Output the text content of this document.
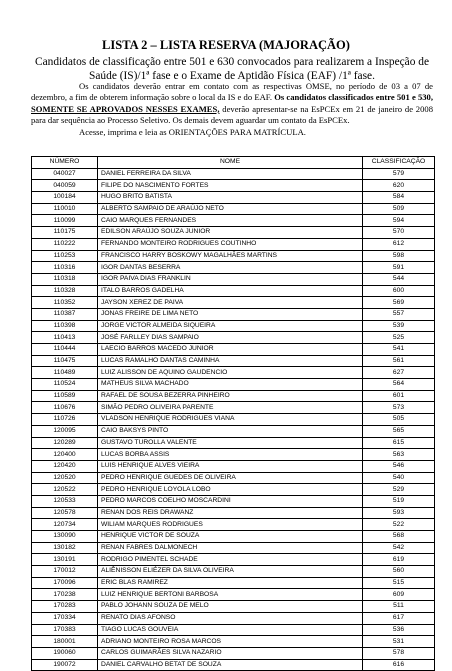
LISTA 2 – LISTA RESERVA (MAJORAÇÃO)
Candidatos de classificação entre 501 e 630 convocados para realizarem a Inspeção de Saúde (IS)/1ª fase e o Exame de Aptidão Física (EAF) /1ª fase.

Os candidatos deverão entrar em contato com as respectivas OMSE, no período de 03 a 07 de dezembro, a fim de obterem informação sobre o local da IS e do EAF. Os candidatos classificados entre 501 e 530, SOMENTE SE APROVADOS NESSES EXAMES, deverão apresentar-se na EsPCEx em 21 de janeiro de 2008 para dar sequência ao Processo Seletivo. Os demais devem aguardar um contato da EsPCEx.

Acesse, imprima e leia as ORIENTAÇÕES PARA MATRÍCULA.

NÚMERO	NOME	CLASSIFICAÇÃO
040027	DANIEL FERREIRA DA SILVA	579
040059	FILIPE DO NASCIMENTO FORTES	620
100184	HUGO BRITO BATISTA	584
110010	ALBERTO SAMPAIO DE ARAÚJO NETO	509
110099	CAIO MARQUES FERNANDES	594
110175	EDILSON ARAÚJO SOUZA JUNIOR	570
110222	FERNANDO MONTEIRO RODRIGUES COUTINHO	612
110253	FRANCISCO HARRY BOSKOWY MAGALHÃES MARTINS	598
110316	IGOR DANTAS BESERRA	591
110318	IGOR PAIVA DIAS FRANKLIN	544
110328	ITALO BARROS GADELHA	600
110352	JAYSON XEREZ DE PAIVA	569
110387	JONAS FREIRE DE LIMA NETO	557
110398	JORGE VICTOR ALMEIDA SIQUEIRA	539
110413	JOSÉ FARLLEY DIAS SAMPAIO	525
110444	LAECIO BARROS MACEDO JUNIOR	541
110475	LUCAS RAMALHO DANTAS CAMINHA	561
110489	LUIZ ALISSON DE AQUINO GAUDENCIO	627
110524	MATHEUS SILVA MACHADO	564
110589	RAFAEL DE SOUSA BEZERRA PINHEIRO	601
110676	SIMÃO PEDRO OLIVEIRA PARENTE	573
110726	VLADSON HENRIQUE RODRIGUES VIANA	505
120095	CAIO BAKSYS PINTO	565
120289	GUSTAVO TUROLLA VALENTE	615
120400	LUCAS BORBA ASSIS	563
120420	LUIS HENRIQUE ALVES VIEIRA	546
120520	PEDRO HENRIQUE GUEDES DE OLIVEIRA	540
120522	PEDRO HENRIQUE LOYOLA LOBO	529
120533	PEDRO MARCOS COELHO MOSCARDINI	519
120578	RENAN DOS REIS DRAWANZ	593
120734	WILIAM MARQUES RODRIGUES	522
130090	HENRIQUE VICTOR DE SOUZA	568
130182	RENAN FABRES DALMONECH	542
130191	RODRIGO PIMENTEL SCHADE	619
170012	ALIÊNISSON ELIÉZER DA SILVA OLIVEIRA	560
170096	ERIC BLAS RAMIREZ	515
170238	LUIZ HENRIQUE BERTONI BARBOSA	609
170283	PABLO JOHANN SOUZA DE MELO	511
170334	RENATO DIAS AFONSO	617
170383	TIAGO LUCAS GOUVEIA	536
180001	ADRIANO MONTEIRO ROSA MARCOS	531
190060	CARLOS GUIMARÃES SILVA NAZARIO	578
190072	DANIEL CARVALHO BETAT DE SOUZA	616
